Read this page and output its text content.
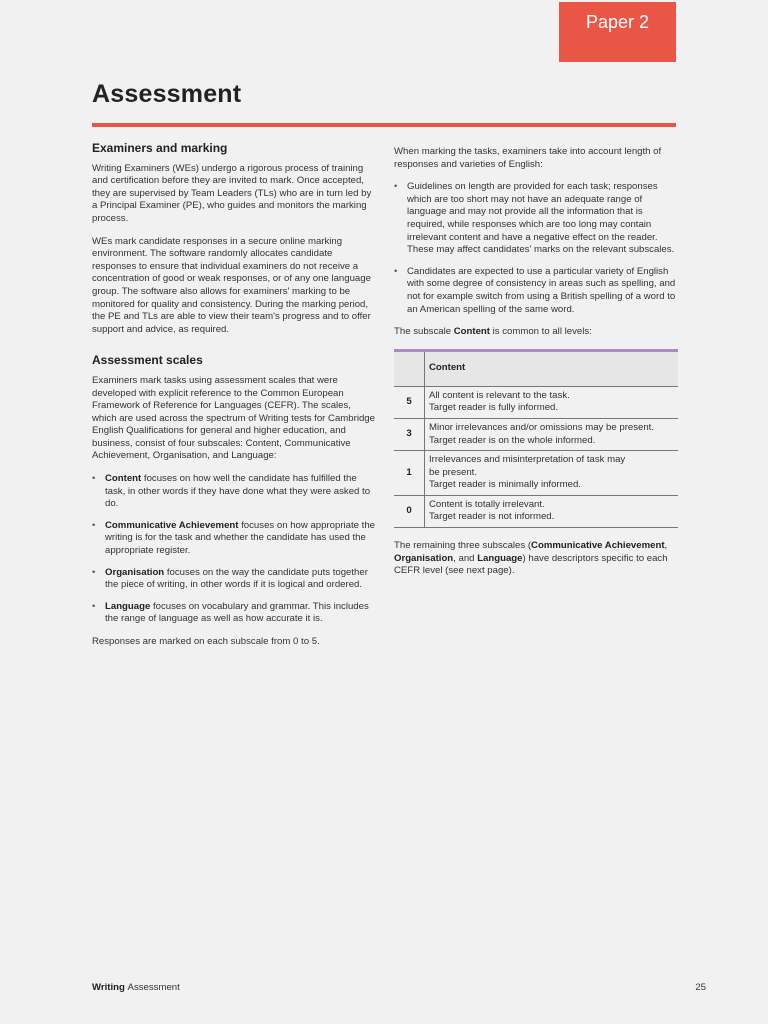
Paper 2
Assessment
Examiners and marking

Writing Examiners (WEs) undergo a rigorous process of training and certification before they are invited to mark. Once accepted, they are supervised by Team Leaders (TLs) who are in turn led by a Principal Examiner (PE), who guides and monitors the marking process.

WEs mark candidate responses in a secure online marking environment. The software randomly allocates candidate responses to ensure that individual examiners do not receive a concentration of good or weak responses, or of any one language group. The software also allows for examiners' marking to be monitored for quality and consistency. During the marking period, the PE and TLs are able to view their team's progress and to offer support and advice, as required.

Assessment scales

Examiners mark tasks using assessment scales that were developed with explicit reference to the Common European Framework of Reference for Languages (CEFR). The scales, which are used across the spectrum of Writing tests for Cambridge English Qualifications for general and higher education, and business, consist of four subscales: Content, Communicative Achievement, Organisation, and Language:

• Content focuses on how well the candidate has fulfilled the task, in other words if they have done what they were asked to do.
• Communicative Achievement focuses on how appropriate the writing is for the task and whether the candidate has used the appropriate register.
• Organisation focuses on the way the candidate puts together the piece of writing, in other words if it is logical and ordered.
• Language focuses on vocabulary and grammar. This includes the range of language as well as how accurate it is.

Responses are marked on each subscale from 0 to 5.

When marking the tasks, examiners take into account length of responses and varieties of English:

• Guidelines on length are provided for each task; responses which are too short may not have an adequate range of language and may not provide all the information that is required, while responses which are too long may contain irrelevant content and have a negative effect on the reader. These may affect candidates' marks on the relevant subscales.
• Candidates are expected to use a particular variety of English with some degree of consistency in areas such as spelling, and not for example switch from using a British spelling of a word to an American spelling of the same word.

The subscale Content is common to all levels:

	Content
5	All content is relevant to the task.
Target reader is fully informed.

3	Minor irrelevances and/or omissions may be present.
Target reader is on the whole informed.

1	Irrelevances and misinterpretation of task may
be present.
Target reader is minimally informed.

0	Content is totally irrelevant.
Target reader is not informed.

The remaining three subscales (Communicative Achievement, Organisation, and Language) have descriptors specific to each CEFR level (see next page).

Writing Assessment	25
